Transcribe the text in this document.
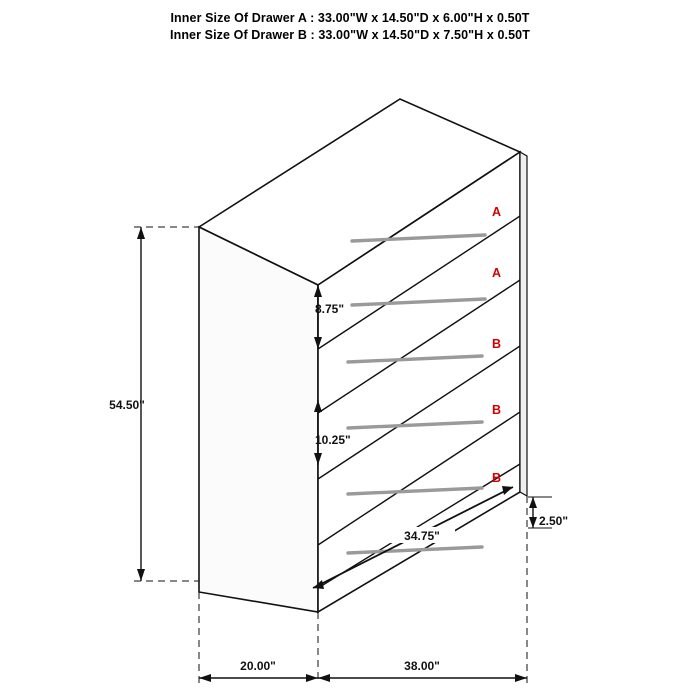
Inner Size Of Drawer A : 33.00"W x 14.50"D x 6.00"H x 0.50T
Inner Size Of Drawer B : 33.00"W x 14.50"D x 7.50"H x 0.50T
A
A
B
B
B
54.50"
8.75"
10.25"
2.50"
34.75"
20.00"	38.00"
